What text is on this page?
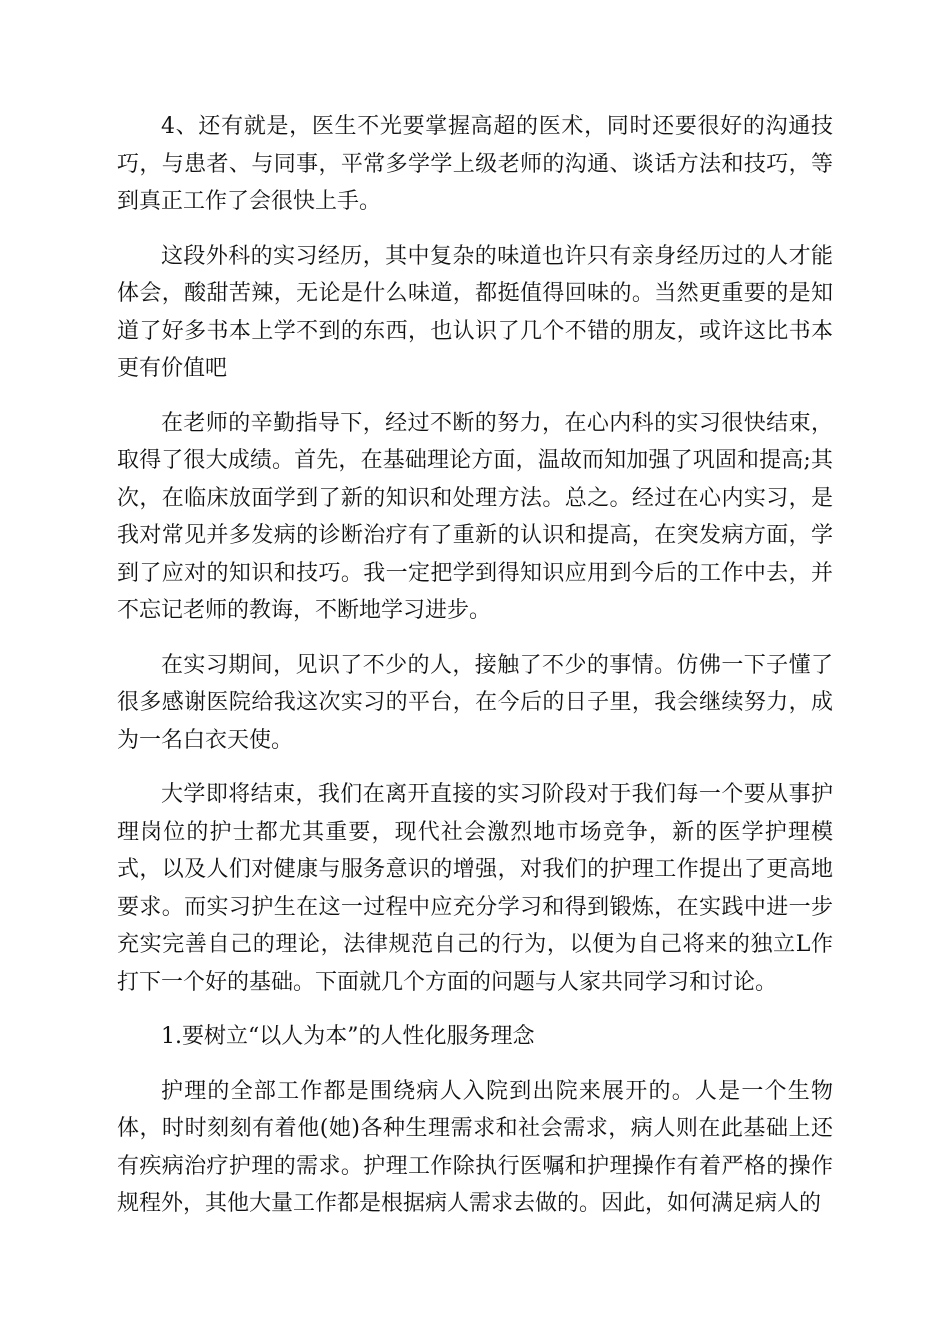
4、还有就是，医生不光要掌握高超的医术，同时还要很好的沟通技巧，与患者、与同事，平常多学学上级老师的沟通、谈话方法和技巧，等到真正工作了会很快上手。

这段外科的实习经历，其中复杂的味道也许只有亲身经历过的人才能体会，酸甜苦辣，无论是什么味道，都挺值得回味的。当然更重要的是知道了好多书本上学不到的东西，也认识了几个不错的朋友，或许这比书本更有价值吧

在老师的辛勤指导下，经过不断的努力，在心内科的实习很快结束，取得了很大成绩。首先，在基础理论方面，温故而知加强了巩固和提高;其次，在临床放面学到了新的知识和处理方法。总之。经过在心内实习，是我对常见并多发病的诊断治疗有了重新的认识和提高，在突发病方面，学到了应对的知识和技巧。我一定把学到得知识应用到今后的工作中去，并不忘记老师的教诲，不断地学习进步。

在实习期间，见识了不少的人，接触了不少的事情。仿佛一下子懂了很多感谢医院给我这次实习的平台，在今后的日子里，我会继续努力，成为一名白衣天使。

大学即将结束，我们在离开直接的实习阶段对于我们每一个要从事护理岗位的护士都尤其重要，现代社会激烈地市场竞争，新的医学护理模式，以及人们对健康与服务意识的增强，对我们的护理工作提出了更高地要求。而实习护生在这一过程中应充分学习和得到锻炼，在实践中进一步充实完善自己的理论，法律规范自己的行为，以便为自己将来的独立L作打下一个好的基础。下面就几个方面的问题与人家共同学习和讨论。

1.要树立“以人为本”的人性化服务理念

护理的全部工作都是围绕病人入院到出院来展开的。人是一个生物体，时时刻刻有着他(她)各种生理需求和社会需求，病人则在此基础上还有疾病治疗护理的需求。护理工作除执行医嘱和护理操作有着严格的操作规程外，其他大量工作都是根据病人需求去做的。因此，如何满足病人的
